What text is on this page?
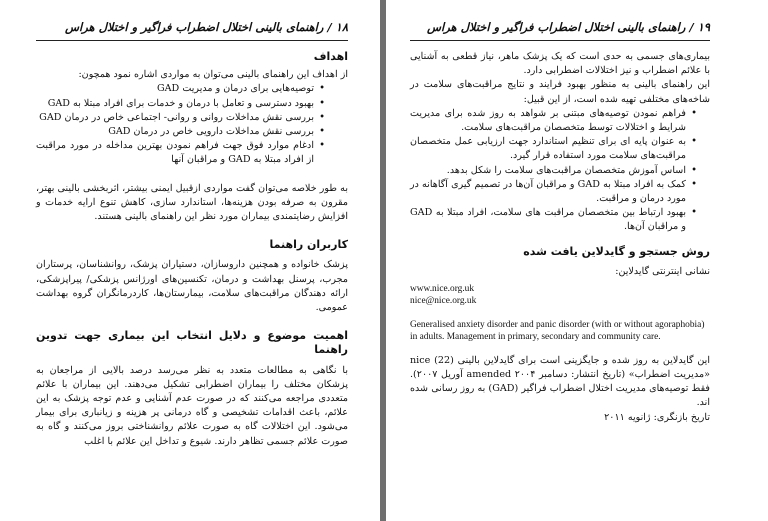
۱۸ / راهنمای بالینی اختلال اضطراب فراگیر و اختلال هراس

اهداف

از اهداف این راهنمای بالینی می‌توان به مواردی اشاره نمود همچون:

• توصیه‌هایی برای درمان و مدیریت GAD
• بهبود دسترسی و تعامل با درمان و خدمات برای افراد مبتلا به GAD
• بررسی نقش مداخلات روانی و روانی- اجتماعی خاص در درمان GAD
• بررسی نقش مداخلات دارویی خاص در درمان GAD
• ادغام موارد فوق جهت فراهم نمودن بهترین مداخله در مورد مراقبت از افراد مبتلا به GAD و مراقبان آنها

به طور خلاصه می‌توان گفت مواردی ازقبیل ایمنی بیشتر، اثربخشی بالینی بهتر، مقرون به صرفه بودن هزینه‌ها، استاندارد سازی، کاهش تنوع ارایه خدمات و افزایش رضایتمندی بیماران مورد نظر این راهنمای بالینی هستند.

کاربران راهنما

پزشک خانواده و همچنین داروسازان، دستیاران پزشک، روانشناسان، پرستاران مجرب، پرسنل بهداشت و درمان، تکنسین‌های اورژانس پزشکی/ پیراپزشکی، ارائه دهندگان مراقبت‌های سلامت، بیمارستان‌ها، کاردرمانگران گروه بهداشت عمومی.

اهمیت موضوع و دلایل انتخاب این بیماری جهت تدوین راهنما

با نگاهی به مطالعات متعدد به نظر می‌رسد درصد بالایی از مراجعان به پزشکان مختلف را بیماران اضطرابی تشکیل می‌دهند. این بیماران با علائم متعددی مراجعه می‌کنند که در صورت عدم آشنایی و عدم توجه پزشک به این علائم، باعث اقدامات تشخیصی و گاه درمانی پر هزینه و زیانباری برای بیمار می‌شود. این اختلالات گاه به صورت علائم روانشناختی بروز می‌کنند و گاه به صورت علائم جسمی تظاهر دارند. شیوع و تداخل این علائم با اغلب

۱۹ / راهنمای بالینی اختلال اضطراب فراگیر و اختلال هراس

بیماری‌های جسمی به حدی است که یک پزشک ماهر، نیاز قطعی به آشنایی با علائم اضطراب و نیز اختلالات اضطرابی دارد.

این راهنمای بالینی به منظور بهبود فرایند و نتایج مراقبت‌های سلامت در شاخه‌های مختلفی تهیه شده است، از این قبیل:

• فراهم نمودن توصیه‌های مبتنی بر شواهد به روز شده برای مدیریت شرایط و اختلالات توسط متخصصان مراقبت‌های سلامت.
• به عنوان پایه ای برای تنظیم استاندارد جهت ارزیابی عمل متخصصان مراقبت‌های سلامت مورد استفاده قرار گیرد.
• اساس آموزش متخصصان مراقبت‌های سلامت را شکل بدهد.
• کمک به افراد مبتلا به GAD و مراقبان آن‌ها در تصمیم گیری آگاهانه در مورد درمان و مراقبت.
• بهبود ارتباط بین متخصصان مراقبت های سلامت، افراد مبتلا به GAD و مراقبان آن‌ها.

روش جستجو و گایدلاین یافت شده

نشانی اینترنتی گایدلاین:

www.nice.org.uk

nice@nice.org.uk

Generalised anxiety disorder and panic disorder (with or without agoraphobia) in adults. Management in primary, secondary and community care.

این گایدلاین به روز شده و جایگزینی است برای گایدلاین بالینی (22) nice «مدیریت اضطراب» (تاریخ انتشار: دسامبر ۲۰۰۴ amended آوریل ۲۰۰۷). فقط توصیه‌های مدیریت اختلال اضطراب فراگیر (GAD) به روز رسانی شده اند.

تاریخ بازنگری: ژانویه ۲۰۱۱
